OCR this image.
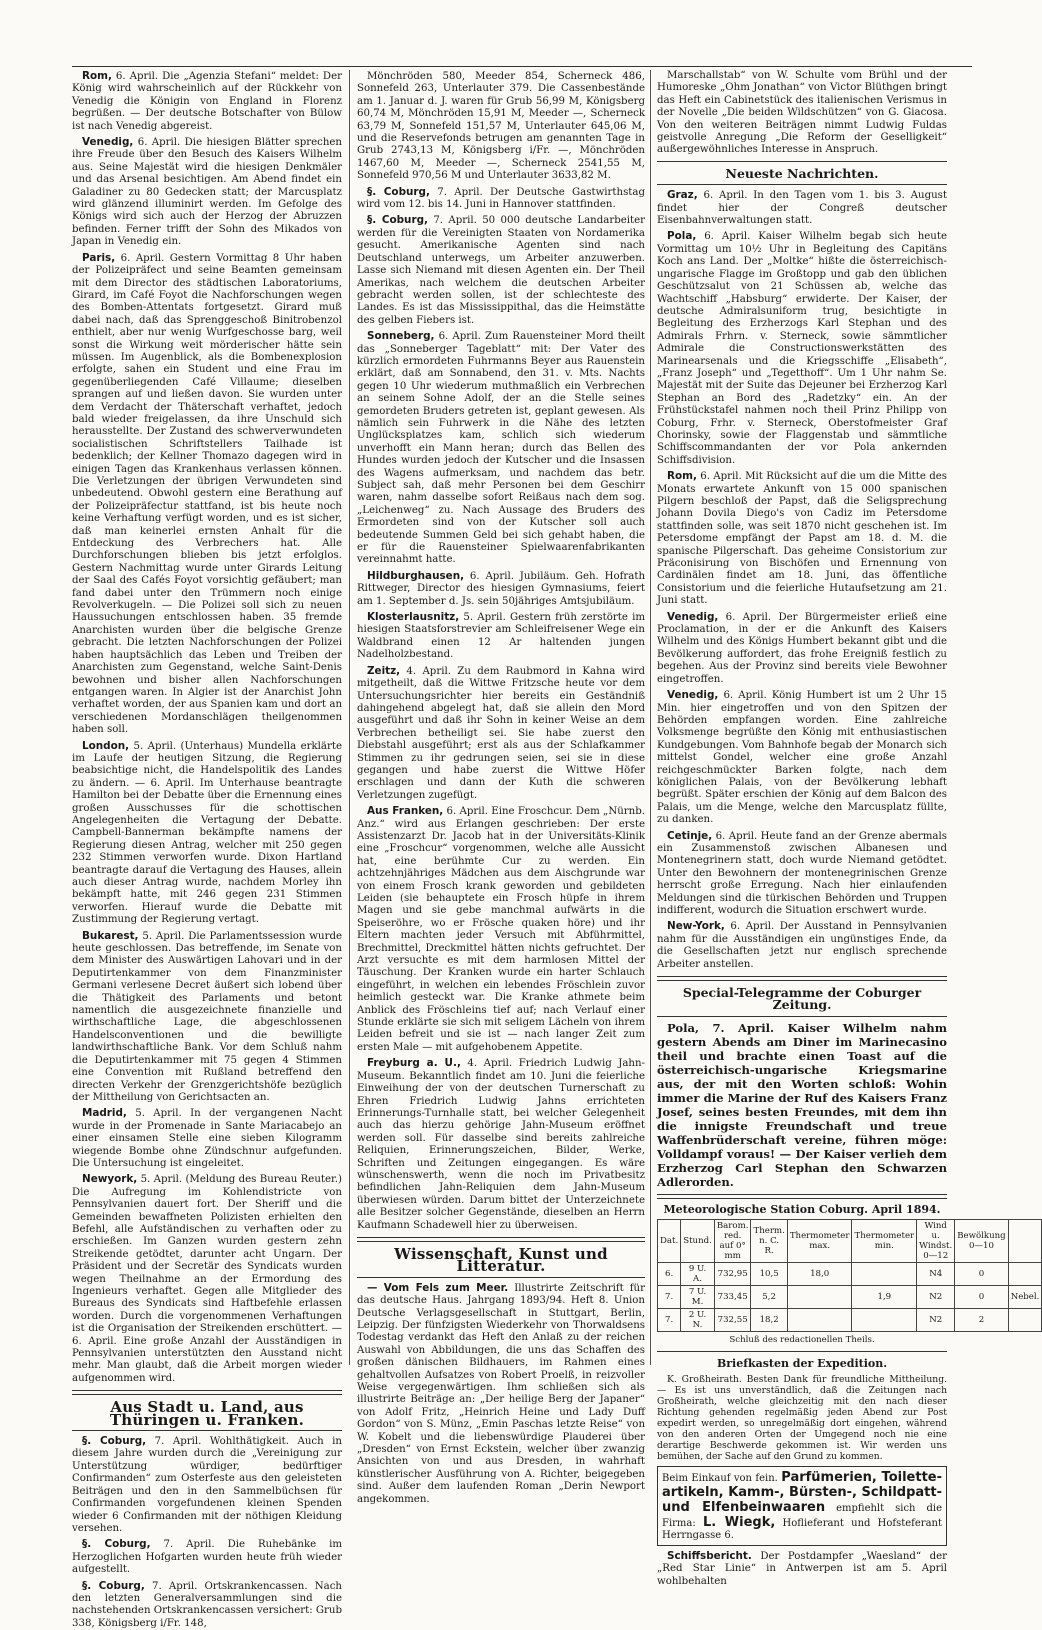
Rom, 6. April. Die „Agenzia Stefani“ meldet: Der König wird wahrscheinlich auf der Rückkehr von Venedig die Königin von England in Florenz begrüßen. — Der deutsche Botschafter von Bülow ist nach Venedig abgereist.

Venedig, 6. April. Die hiesigen Blätter sprechen ihre Freude über den Besuch des Kaisers Wilhelm aus. Seine Majestät wird die hiesigen Denkmäler und das Arsenal besichtigen. Am Abend findet ein Galadiner zu 80 Gedecken statt; der Marcusplatz wird glänzend illuminirt werden. Im Gefolge des Königs wird sich auch der Herzog der Abruzzen befinden. Ferner trifft der Sohn des Mikados von Japan in Venedig ein.

Paris, 6. April. Gestern Vormittag 8 Uhr haben der Polizeipräfect und seine Beamten gemeinsam mit dem Director des städtischen Laboratoriums, Girard, im Café Foyot die Nachforschungen wegen des Bomben-Attentats fortgesetzt. Girard muß dabei nach, daß das Sprenggeschoß Binitrobenzol enthielt, aber nur wenig Wurfgeschosse barg, weil sonst die Wirkung weit mörderischer hätte sein müssen. Im Augenblick, als die Bombenexplosion erfolgte, sahen ein Student und eine Frau im gegenüberliegenden Café Villaume; dieselben sprangen auf und ließen davon. Sie wurden unter dem Verdacht der Thäterschaft verhaftet, jedoch bald wieder freigelassen, da ihre Unschuld sich herausstellte. Der Zustand des schwerverwundeten socialistischen Schriftstellers Tailhade ist bedenklich; der Kellner Thomazo dagegen wird in einigen Tagen das Krankenhaus verlassen können. Die Verletzungen der übrigen Verwundeten sind unbedeutend. Obwohl gestern eine Berathung auf der Polizeipräfectur stattfand, ist bis heute noch keine Verhaftung verfügt worden, und es ist sicher, daß man keinerlei ernsten Anhalt für die Entdeckung des Verbrechers hat. Alle Durchforschungen blieben bis jetzt erfolglos. Gestern Nachmittag wurde unter Girards Leitung der Saal des Cafés Foyot vorsichtig gefäubert; man fand dabei unter den Trümmern noch einige Revolverkugeln. — Die Polizei soll sich zu neuen Haussuchungen entschlossen haben. 35 fremde Anarchisten wurden über die belgische Grenze gebracht. Die letzten Nachforschungen der Polizei haben hauptsächlich das Leben und Treiben der Anarchisten zum Gegenstand, welche Saint-Denis bewohnen und bisher allen Nachforschungen entgangen waren. In Algier ist der Anarchist John verhaftet worden, der aus Spanien kam und dort an verschiedenen Mordanschlägen theilgenommen haben soll.

London, 5. April. (Unterhaus) Mundella erklärte im Laufe der heutigen Sitzung, die Regierung beabsichtige nicht, die Handelspolitik des Landes zu ändern. — 6. April. Im Unterhause beantragte Hamilton bei der Debatte über die Ernennung eines großen Ausschusses für die schottischen Angelegenheiten die Vertagung der Debatte. Campbell-Bannerman bekämpfte namens der Regierung diesen Antrag, welcher mit 250 gegen 232 Stimmen verworfen wurde. Dixon Hartland beantragte darauf die Vertagung des Hauses, allein auch dieser Antrag wurde, nachdem Morley ihn bekämpft hatte, mit 246 gegen 231 Stimmen verworfen. Hierauf wurde die Debatte mit Zustimmung der Regierung vertagt.

Bukarest, 5. April. Die Parlamentssession wurde heute geschlossen. Das betreffende, im Senate von dem Minister des Auswärtigen Lahovari und in der Deputirtenkammer von dem Finanzminister Germani verlesene Decret äußert sich lobend über die Thätigkeit des Parlaments und betont namentlich die ausgezeichnete finanzielle und wirthschaftliche Lage, die abgeschlossenen Handelsconventionen und die bewilligte landwirthschaftliche Bank. Vor dem Schluß nahm die Deputirtenkammer mit 75 gegen 4 Stimmen eine Convention mit Rußland betreffend den directen Verkehr der Grenzgerichtshöfe bezüglich der Mittheilung von Gerichtsacten an.

Madrid, 5. April. In der vergangenen Nacht wurde in der Promenade in Sante Mariacabejo an einer einsamen Stelle eine sieben Kilogramm wiegende Bombe ohne Zündschnur aufgefunden. Die Untersuchung ist eingeleitet.

Newyork, 5. April. (Meldung des Bureau Reuter.) Die Aufregung im Kohlendistricte von Pennsylvanien dauert fort. Der Sheriff und die Gemeinden bewaffneten Polizisten erhielten den Befehl, alle Aufständischen zu verhaften oder zu erschießen. Im Ganzen wurden gestern zehn Streikende getödtet, darunter acht Ungarn. Der Präsident und der Secretär des Syndicats wurden wegen Theilnahme an der Ermordung des Ingenieurs verhaftet. Gegen alle Mitglieder des Bureaus des Syndicats sind Haftbefehle erlassen worden. Durch die vorgenommenen Verhaftungen ist die Organisation der Streikenden erschüttert. — 6. April. Eine große Anzahl der Ausständigen in Pennsylvanien unterstützten den Ausstand nicht mehr. Man glaubt, daß die Arbeit morgen wieder aufgenommen wird.

Aus Stadt u. Land, aus Thüringen u. Franken.

§. Coburg, 7. April. Wohlthätigkeit. Auch in diesem Jahre wurden durch die „Vereinigung zur Unterstützung würdiger, bedürftiger Confirmanden“ zum Osterfeste aus den geleisteten Beiträgen und den in den Sammelbüchsen für Confirmanden vorgefundenen kleinen Spenden wieder 6 Confirmanden mit der nöthigen Kleidung versehen.

§. Coburg, 7. April. Die Ruhebänke im Herzoglichen Hofgarten wurden heute früh wieder aufgestellt.

§. Coburg, 7. April. Ortskrankencassen. Nach den letzten Generalversammlungen sind die nachstehenden Ortskrankencassen versichert: Grub 338, Königsberg i/Fr. 148,

Mönchröden 580, Meeder 854, Scherneck 486, Sonnefeld 263, Unterlauter 379. Die Cassenbestände am 1. Januar d. J. waren für Grub 56,99 M, Königsberg 60,74 M, Mönchröden 15,91 M, Meeder —, Scherneck 63,79 M, Sonnefeld 151,57 M, Unterlauter 645,06 M, und die Reservefonds betrugen am genannten Tage in Grub 2743,13 M, Königsberg i/Fr. —, Mönchröden 1467,60 M, Meeder —, Scherneck 2541,55 M, Sonnefeld 970,56 M und Unterlauter 3633,82 M.

§. Coburg, 7. April. Der Deutsche Gastwirthstag wird vom 12. bis 14. Juni in Hannover stattfinden.

§. Coburg, 7. April. 50 000 deutsche Landarbeiter werden für die Vereinigten Staaten von Nordamerika gesucht. Amerikanische Agenten sind nach Deutschland unterwegs, um Arbeiter anzuwerben. Lasse sich Niemand mit diesen Agenten ein. Der Theil Amerikas, nach welchem die deutschen Arbeiter gebracht werden sollen, ist der schlechteste des Landes. Es ist das Mississippithal, das die Heimstätte des gelben Fiebers ist.

Sonneberg, 6. April. Zum Rauensteiner Mord theilt das „Sonneberger Tageblatt“ mit: Der Vater des kürzlich ermordeten Fuhrmanns Beyer aus Rauenstein erklärt, daß am Sonnabend, den 31. v. Mts. Nachts gegen 10 Uhr wiederum muthmaßlich ein Verbrechen an seinem Sohne Adolf, der an die Stelle seines gemordeten Bruders getreten ist, geplant gewesen. Als nämlich sein Fuhrwerk in die Nähe des letzten Unglücksplatzes kam, schlich sich wiederum unverhofft ein Mann heran; durch das Bellen des Hundes wurden jedoch der Kutscher und die Insassen des Wagens aufmerksam, und nachdem das betr. Subject sah, daß mehr Personen bei dem Geschirr waren, nahm dasselbe sofort Reißaus nach dem sog. „Leichenweg“ zu. Nach Aussage des Bruders des Ermordeten sind von der Kutscher soll auch bedeutende Summen Geld bei sich gehabt haben, die er für die Rauensteiner Spielwaarenfabrikanten vereinnahmt hatte.

Hildburghausen, 6. April. Jubiläum. Geh. Hofrath Rittweger, Director des hiesigen Gymnasiums, feiert am 1. September d. Js. sein 50jähriges Amtsjubiläum.

Klosterlausnitz, 5. April. Gestern früh zerstörte im hiesigen Staatsforstrevier am Schleifreisener Wege ein Waldbrand einen 12 Ar haltenden jungen Nadelholzbestand.

Zeitz, 4. April. Zu dem Raubmord in Kahna wird mitgetheilt, daß die Wittwe Fritzsche heute vor dem Untersuchungsrichter hier bereits ein Geständniß dahingehend abgelegt hat, daß sie allein den Mord ausgeführt und daß ihr Sohn in keiner Weise an dem Verbrechen betheiligt sei. Sie habe zuerst den Diebstahl ausgeführt; erst als aus der Schlafkammer Stimmen zu ihr gedrungen seien, sei sie in diese gegangen und habe zuerst die Wittwe Höfer erschlagen und dann der Kuth die schweren Verletzungen zugefügt.

Aus Franken, 6. April. Eine Froschcur. Dem „Nürnb. Anz.“ wird aus Erlangen geschrieben: Der erste Assistenzarzt Dr. Jacob hat in der Universitäts-Klinik eine „Froschcur“ vorgenommen, welche alle Aussicht hat, eine berühmte Cur zu werden. Ein achtzehnjähriges Mädchen aus dem Aischgrunde war von einem Frosch krank geworden und gebildeten Leiden (sie behauptete ein Frosch hüpfe in ihrem Magen und sie gebe manchmal aufwärts in die Speiseröhre, wo er Frösche quaken höre) und ihr Eltern machten jeder Versuch mit Abführmittel, Brechmittel, Dreckmittel hätten nichts gefruchtet. Der Arzt versuchte es mit dem harmlosen Mittel der Täuschung. Der Kranken wurde ein harter Schlauch eingeführt, in welchen ein lebendes Fröschlein zuvor heimlich gesteckt war. Die Kranke athmete beim Anblick des Fröschleins tief auf; nach Verlauf einer Stunde erklärte sie sich mit seligem Lächeln von ihrem Leiden befreit und sie ist — nach langer Zeit zum ersten Male — mit aufgehobenem Appetite.

Freyburg a. U., 4. April. Friedrich Ludwig Jahn-Museum. Bekanntlich findet am 10. Juni die feierliche Einweihung der von der deutschen Turnerschaft zu Ehren Friedrich Ludwig Jahns errichteten Erinnerungs-Turnhalle statt, bei welcher Gelegenheit auch das hierzu gehörige Jahn-Museum eröffnet werden soll. Für dasselbe sind bereits zahlreiche Reliquien, Erinnerungszeichen, Bilder, Werke, Schriften und Zeitungen eingegangen. Es wäre wünschenswerth, wenn die noch im Privatbesitz befindlichen Jahn-Reliquien dem Jahn-Museum überwiesen würden. Darum bittet der Unterzeichnete alle Besitzer solcher Gegenstände, dieselben an Herrn Kaufmann Schadewell hier zu überweisen.

Wissenschaft, Kunst und Litteratur.

— Vom Fels zum Meer. Illustrirte Zeitschrift für das deutsche Haus. Jahrgang 1893/94. Heft 8. Union Deutsche Verlagsgesellschaft in Stuttgart, Berlin, Leipzig. Der fünfzigsten Wiederkehr von Thorwaldsens Todestag verdankt das Heft den Anlaß zu der reichen Auswahl von Abbildungen, die uns das Schaffen des großen dänischen Bildhauers, im Rahmen eines gehaltvollen Aufsatzes von Robert Proelß, in reizvoller Weise vergegenwärtigen. Ihm schließen sich als illustrirte Beiträge an: „Der heilige Berg der Japaner“ von Adolf Fritz, „Heinrich Heine und Lady Duff Gordon“ von S. Münz, „Emin Paschas letzte Reise“ von W. Kobelt und die liebenswürdige Plauderei über „Dresden“ von Ernst Eckstein, welcher über zwanzig Ansichten von und aus Dresden, in wahrhaft künstlerischer Ausführung von A. Richter, beigegeben sind. Außer dem laufenden Roman „Derin Newport angekommen.

Marschallstab“ von W. Schulte vom Brühl und der Humoreske „Ohm Jonathan“ von Victor Blüthgen bringt das Heft ein Cabinetstück des italienischen Verismus in der Novelle „Die beiden Wildschützen“ von G. Giacosa. Von den weiteren Beiträgen nimmt Ludwig Fuldas geistvolle Anregung „Die Reform der Geselligkeit“ außergewöhnliches Interesse in Anspruch.

Neueste Nachrichten.

Graz, 6. April. In den Tagen vom 1. bis 3. August findet hier der Congreß deutscher Eisenbahnverwaltungen statt.

Pola, 6. April. Kaiser Wilhelm begab sich heute Vormittag um 10½ Uhr in Begleitung des Capitäns Koch ans Land. Der „Moltke“ hißte die österreichisch-ungarische Flagge im Großtopp und gab den üblichen Geschützsalut von 21 Schüssen ab, welche das Wachtschiff „Habsburg“ erwiderte. Der Kaiser, der deutsche Admiralsuniform trug, besichtigte in Begleitung des Erzherzogs Karl Stephan und des Admirals Frhrn. v. Sterneck, sowie sämmtlicher Admirale die Constructionswerkstätten des Marinearsenals und die Kriegsschiffe „Elisabeth“, „Franz Joseph“ und „Tegetthoff“. Um 1 Uhr nahm Se. Majestät mit der Suite das Dejeuner bei Erzherzog Karl Stephan an Bord des „Radetzky“ ein. An der Frühstückstafel nahmen noch theil Prinz Philipp von Coburg, Frhr. v. Sterneck, Oberstofmeister Graf Chorinsky, sowie der Flaggenstab und sämmtliche Schiffscommandanten der vor Pola ankernden Schiffsdivision.

Rom, 6. April. Mit Rücksicht auf die um die Mitte des Monats erwartete Ankunft von 15 000 spanischen Pilgern beschloß der Papst, daß die Seligsprechung Johann Dovila Diego's von Cadiz im Petersdome stattfinden solle, was seit 1870 nicht geschehen ist. Im Petersdome empfängt der Papst am 18. d. M. die spanische Pilgerschaft. Das geheime Consistorium zur Präconisirung von Bischöfen und Ernennung von Cardinälen findet am 18. Juni, das öffentliche Consistorium und die feierliche Hutaufsetzung am 21. Juni statt.

Venedig, 6. April. Der Bürgermeister erließ eine Proclamation, in der er die Ankunft des Kaisers Wilhelm und des Königs Humbert bekannt gibt und die Bevölkerung auffordert, das frohe Ereigniß festlich zu begehen. Aus der Provinz sind bereits viele Bewohner eingetroffen.

Venedig, 6. April. König Humbert ist um 2 Uhr 15 Min. hier eingetroffen und von den Spitzen der Behörden empfangen worden. Eine zahlreiche Volksmenge begrüßte den König mit enthusiastischen Kundgebungen. Vom Bahnhofe begab der Monarch sich mittelst Gondel, welcher eine große Anzahl reichgeschmückter Barken folgte, nach dem königlichen Palais, von der Bevölkerung lebhaft begrüßt. Später erschien der König auf dem Balcon des Palais, um die Menge, welche den Marcusplatz füllte, zu danken.

Cetinje, 6. April. Heute fand an der Grenze abermals ein Zusammenstoß zwischen Albanesen und Montenegrinern statt, doch wurde Niemand getödtet. Unter den Bewohnern der montenegrinischen Grenze herrscht große Erregung. Nach hier einlaufenden Meldungen sind die türkischen Behörden und Truppen indifferent, wodurch die Situation erschwert wurde.

New-York, 6. April. Der Ausstand in Pennsylvanien nahm für die Ausständigen ein ungünstiges Ende, da die Gesellschaften jetzt nur englisch sprechende Arbeiter anstellen.

Special-Telegramme der Coburger Zeitung.

Pola, 7. April. Kaiser Wilhelm nahm gestern Abends am Diner im Marinecasino theil und brachte einen Toast auf die österreichisch-ungarische Kriegsmarine aus, der mit den Worten schloß: Wohin immer die Marine der Ruf des Kaisers Franz Josef, seines besten Freundes, mit dem ihn die innigste Freundschaft und treue Waffenbrüderschaft vereine, führen möge: Volldampf voraus! — Der Kaiser verlieh dem Erzherzog Carl Stephan den Schwarzen Adlerorden.

Meteorologische Station Coburg. April 1894.
Dat.	Stund.	Barom. red. auf 0° mm	Therm. n. C. R.	Thermometer max.	Thermometer min.	Wind u. Windst. 0—12	Bewölkung 0—10	
6.	9 U. A.	732,95	10,5	18,0		N4	0	
7.	7 U. M.	733,45	5,2		1,9	N2	0	Nebel.
7.	2 U. N.	732,55	18,2			N2	2	
Schluß des redactionellen Theils.
Briefkasten der Expedition.

K. Großheirath. Besten Dank für freundliche Mittheilung. — Es ist uns unverständlich, daß die Zeitungen nach Großheirath, welche gleichzeitig mit den nach dieser Richtung gehenden regelmäßig jeden Abend zur Post expedirt werden, so unregelmäßig dort eingehen, während von den anderen Orten der Umgegend noch nie eine derartige Beschwerde gekommen ist. Wir werden uns bemühen, der Sache auf den Grund zu kommen.

Beim Einkauf von fein. Parfümerien, Toilette-artikeln, Kamm-, Bürsten-, Schildpatt- und Elfenbeinwaaren empfiehlt sich die Firma: L. Wiegk, Hoflieferant und Hofsteferant Herrngasse 6.

Schiffsbericht. Der Postdampfer „Waesland“ der „Red Star Linie“ in Antwerpen ist am 5. April wohlbehalten
